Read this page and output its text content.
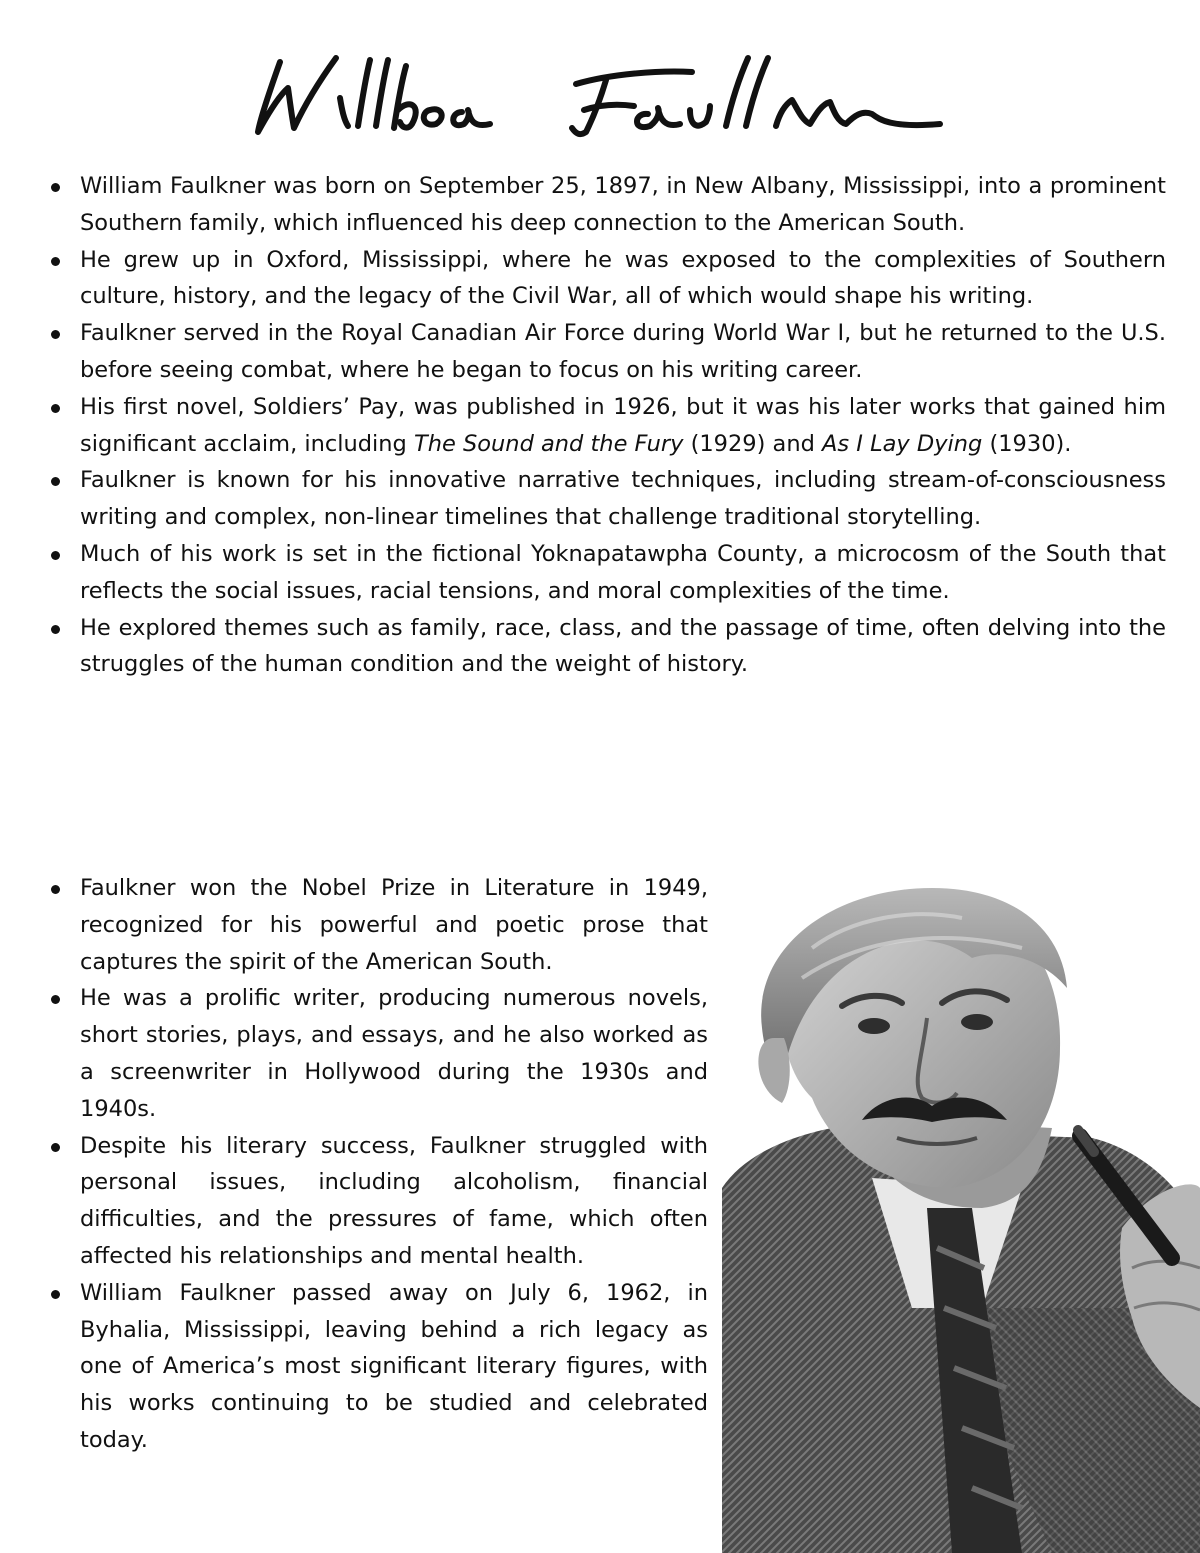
William Faulkner was born on September 25, 1897, in New Albany, Mississippi, into a prominent Southern family, which influenced his deep connection to the American South.
He grew up in Oxford, Mississippi, where he was exposed to the complexities of Southern culture, history, and the legacy of the Civil War, all of which would shape his writing.
Faulkner served in the Royal Canadian Air Force during World War I, but he returned to the U.S. before seeing combat, where he began to focus on his writing career.
His first novel, Soldiers’ Pay, was published in 1926, but it was his later works that gained him significant acclaim, including The Sound and the Fury (1929) and As I Lay Dying (1930).
Faulkner is known for his innovative narrative techniques, including stream-of-consciousness writing and complex, non-linear timelines that challenge traditional storytelling.
Much of his work is set in the fictional Yoknapatawpha County, a microcosm of the South that reflects the social issues, racial tensions, and moral complexities of the time.
He explored themes such as family, race, class, and the passage of time, often delving into the struggles of the human condition and the weight of history.
Faulkner won the Nobel Prize in Literature in 1949, recognized for his powerful and poetic prose that captures the spirit of the American South.
He was a prolific writer, producing numerous novels, short stories, plays, and essays, and he also worked as a screenwriter in Hollywood during the 1930s and 1940s.
Despite his literary success, Faulkner struggled with personal issues, including alcoholism, financial difficulties, and the pressures of fame, which often affected his relationships and mental health.
William Faulkner passed away on July 6, 1962, in Byhalia, Mississippi, leaving behind a rich legacy as one of America’s most significant literary figures, with his works continuing to be studied and celebrated today.
